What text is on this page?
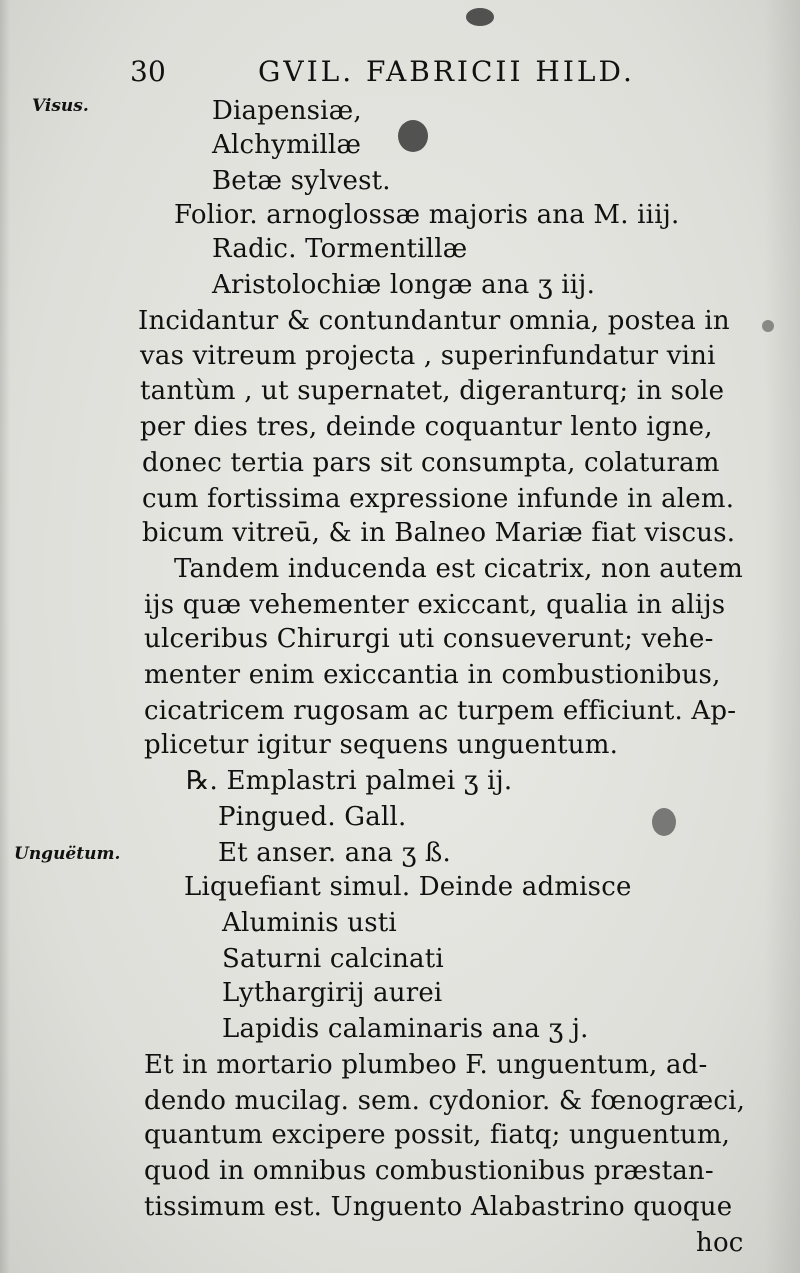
30	GVIL. FABRICII HILD.
Visus.
Unguëtum.
Diapensiæ,
Alchymillæ
Betæ sylvest.
Folior. arnoglossæ majoris ana M. iiij.
Radic. Tormentillæ
Aristolochiæ longæ ana ʒ iij.
Incidantur & contundantur omnia, postea in
vas vitreum projecta , superinfundatur vini
tantùm , ut supernatet, digeranturq; in sole
per dies tres, deinde coquantur lento igne,
donec tertia pars sit consumpta, colaturam
cum fortissima expressione infunde in alem.
bicum vitreū, & in Balneo Mariæ fiat viscus.
Tandem inducenda est cicatrix, non autem
ijs quæ vehementer exiccant, qualia in alijs
ulceribus Chirurgi uti consueverunt; vehe-
menter enim exiccantia in combustionibus,
cicatricem rugosam ac turpem efficiunt. Ap-
plicetur igitur sequens unguentum.
℞. Emplastri palmei ʒ ij.
Pingued. Gall.
Et anser. ana ʒ ß.
Liquefiant simul. Deinde admisce
Aluminis usti
Saturni calcinati
Lythargirij aurei
Lapidis calaminaris ana ʒ j.
Et in mortario plumbeo F. unguentum, ad-
dendo mucilag. sem. cydonior. & fœnogræci,
quantum excipere possit, fiatq; unguentum,
quod in omnibus combustionibus præstan-
tissimum est. Unguento Alabastrino quoque
hoc
